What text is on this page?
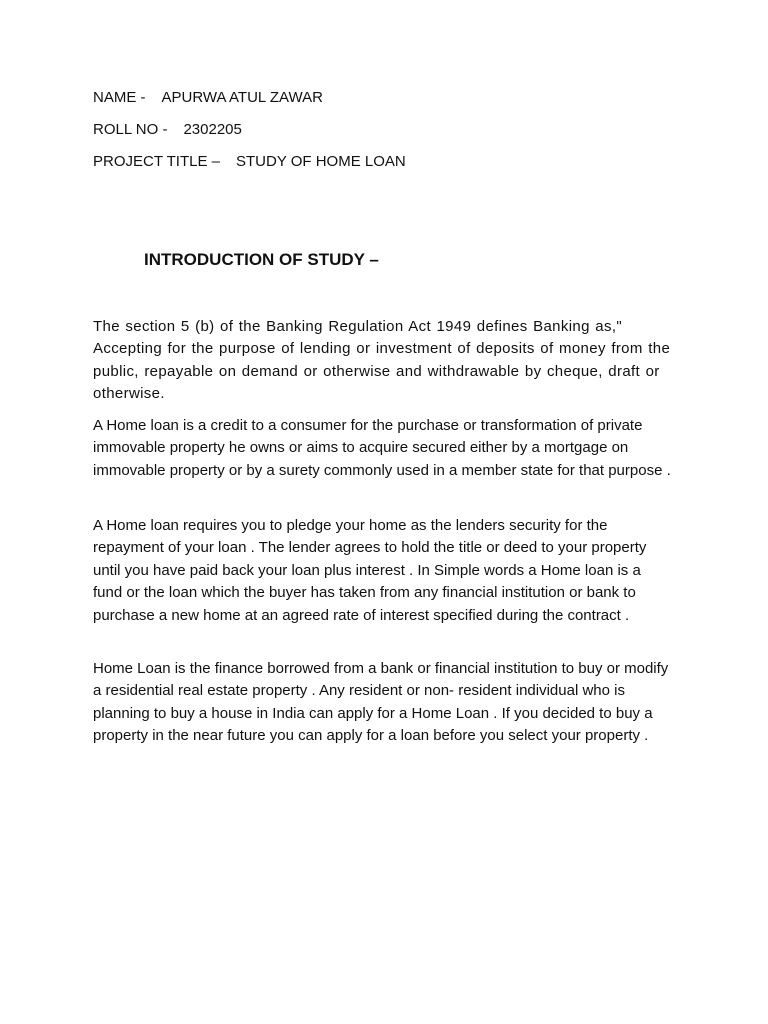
NAME - APURWA ATUL ZAWAR
ROLL NO - 2302205
PROJECT TITLE – STUDY OF HOME LOAN
INTRODUCTION OF STUDY –

The section 5 (b) of the Banking Regulation Act 1949 defines Banking as," Accepting for the purpose of lending or investment of deposits of money from the public, repayable on demand or otherwise and withdrawable by cheque, draft or otherwise.

A Home loan is a credit to a consumer for the purchase or transformation of private immovable property he owns or aims to acquire secured either by a mortgage on immovable property or by a surety commonly used in a member state for that purpose .

A Home loan requires you to pledge your home as the lenders security for the repayment of your loan . The lender agrees to hold the title or deed to your property until you have paid back your loan plus interest . In Simple words a Home loan is a fund or the loan which the buyer has taken from any financial institution or bank to purchase a new home at an agreed rate of interest specified during the contract .

Home Loan is the finance borrowed from a bank or financial institution to buy or modify a residential real estate property . Any resident or non- resident individual who is planning to buy a house in India can apply for a Home Loan . If you decided to buy a property in the near future you can apply for a loan before you select your property .
